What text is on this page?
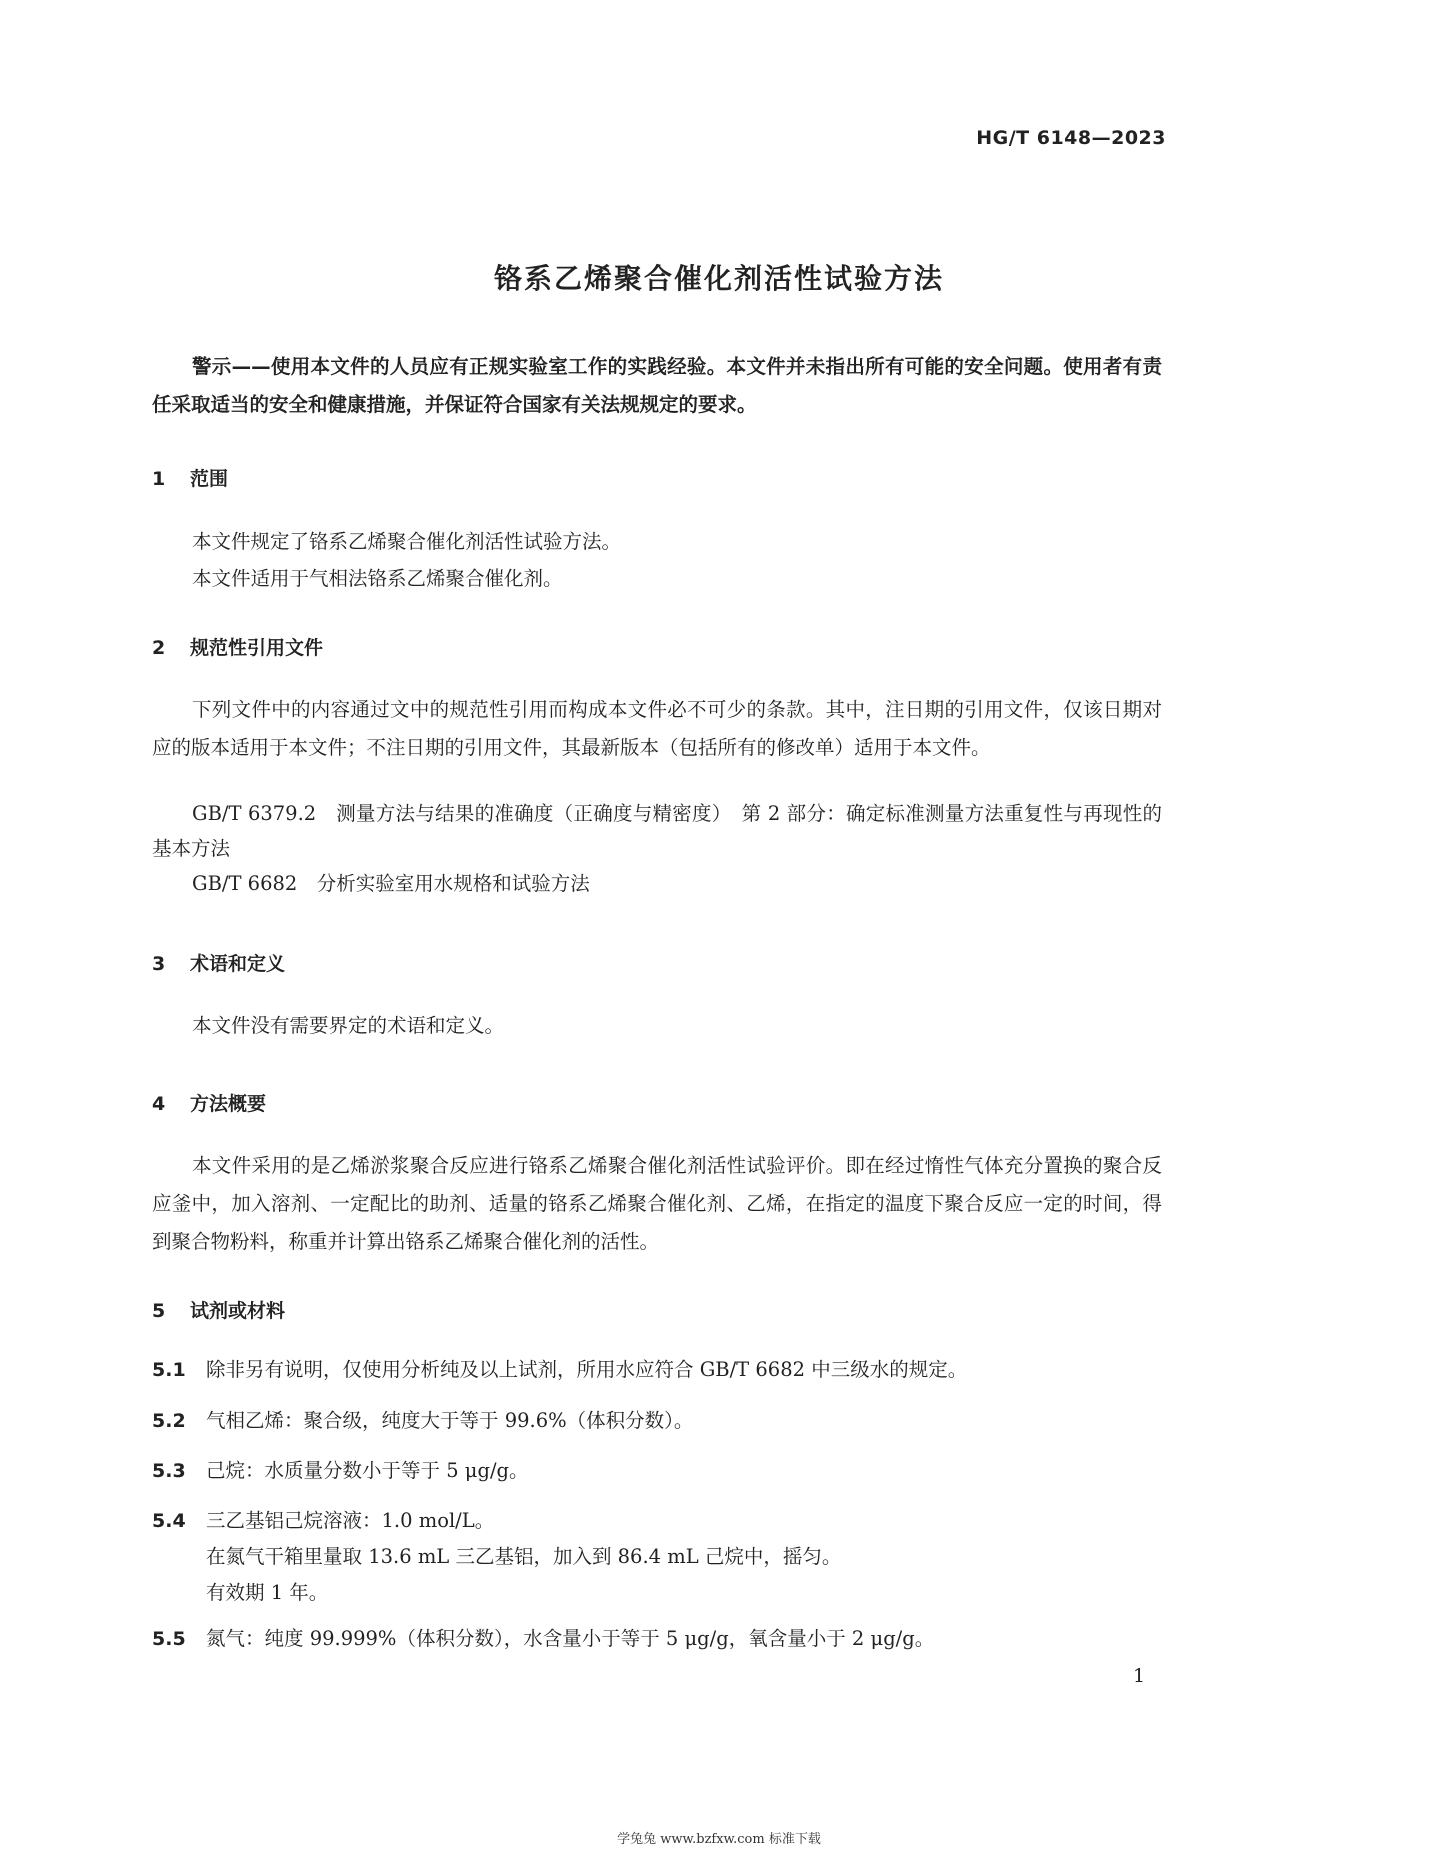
HG/T 6148—2023
铬系乙烯聚合催化剂活性试验方法
警示——使用本文件的人员应有正规实验室工作的实践经验。本文件并未指出所有可能的安全问题。使用者有责任采取适当的安全和健康措施，并保证符合国家有关法规规定的要求。
1 范围
本文件规定了铬系乙烯聚合催化剂活性试验方法。
本文件适用于气相法铬系乙烯聚合催化剂。
2 规范性引用文件
下列文件中的内容通过文中的规范性引用而构成本文件必不可少的条款。其中，注日期的引用文件，仅该日期对应的版本适用于本文件；不注日期的引用文件，其最新版本（包括所有的修改单）适用于本文件。
GB/T 6379.2　测量方法与结果的准确度（正确度与精密度）　第 2 部分：确定标准测量方法重复性与再现性的基本方法
GB/T 6682　分析实验室用水规格和试验方法
3 术语和定义
本文件没有需要界定的术语和定义。
4 方法概要
本文件采用的是乙烯淤浆聚合反应进行铬系乙烯聚合催化剂活性试验评价。即在经过惰性气体充分置换的聚合反应釜中，加入溶剂、一定配比的助剂、适量的铬系乙烯聚合催化剂、乙烯，在指定的温度下聚合反应一定的时间，得到聚合物粉料，称重并计算出铬系乙烯聚合催化剂的活性。
5 试剂或材料
5.1	除非另有说明，仅使用分析纯及以上试剂，所用水应符合 GB/T 6682 中三级水的规定。
5.2	气相乙烯：聚合级，纯度大于等于 99.6%（体积分数）。
5.3	己烷：水质量分数小于等于 5 μg/g。
5.4	三乙基铝己烷溶液：1.0 mol/L。
在氮气干箱里量取 13.6 mL 三乙基铝，加入到 86.4 mL 己烷中，摇匀。
有效期 1 年。
5.5	氮气：纯度 99.999%（体积分数），水含量小于等于 5 μg/g，氧含量小于 2 μg/g。
1
学兔兔 www.bzfxw.com 标准下载
